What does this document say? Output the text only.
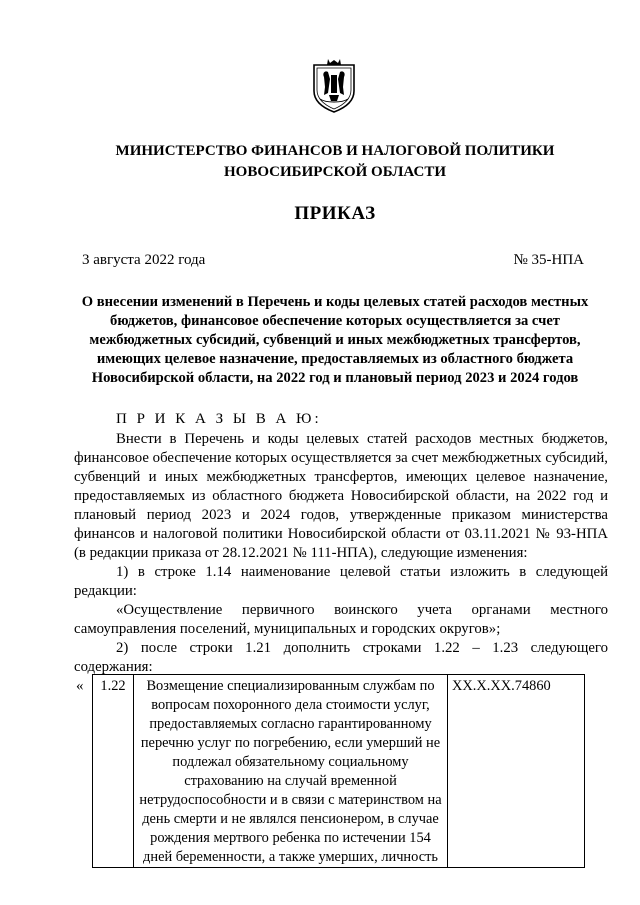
МИНИСТЕРСТВО ФИНАНСОВ И НАЛОГОВОЙ ПОЛИТИКИ
НОВОСИБИРСКОЙ ОБЛАСТИ
ПРИКАЗ
3 августа 2022 года	№ 35-НПА
О внесении изменений в Перечень и коды целевых статей расходов местных
бюджетов, финансовое обеспечение которых осуществляется за счет
межбюджетных субсидий, субвенций и иных межбюджетных трансфертов,
имеющих целевое назначение, предоставляемых из областного бюджета
Новосибирской области, на 2022 год и плановый период 2023 и 2024 годов
П Р И К А З Ы В А Ю:

Внести в Перечень и коды целевых статей расходов местных бюджетов, финансовое обеспечение которых осуществляется за счет межбюджетных субсидий, субвенций и иных межбюджетных трансфертов, имеющих целевое назначение, предоставляемых из областного бюджета Новосибирской области, на 2022 год и плановый период 2023 и 2024 годов, утвержденные приказом министерства финансов и налоговой политики Новосибирской области от 03.11.2021 № 93-НПА (в редакции приказа от 28.12.2021 № 111-НПА), следующие изменения:

1) в строке 1.14 наименование целевой статьи изложить в следующей редакции:

«Осуществление первичного воинского учета органами местного самоуправления поселений, муниципальных и городских округов»;

2) после строки 1.21 дополнить строками 1.22 – 1.23 следующего содержания:

« 1.22	Возмещение специализированным службам по вопросам похоронного дела стоимости услуг, предоставляемых согласно гарантированному перечню услуг по погребению, если умерший не подлежал обязательному социальному страхованию на случай временной нетрудоспособности и в связи с материнством на день смерти и не являлся пенсионером, в случае рождения мертвого ребенка по истечении 154 дней беременности, а также умерших, личность	ХХ.Х.ХХ.74860
